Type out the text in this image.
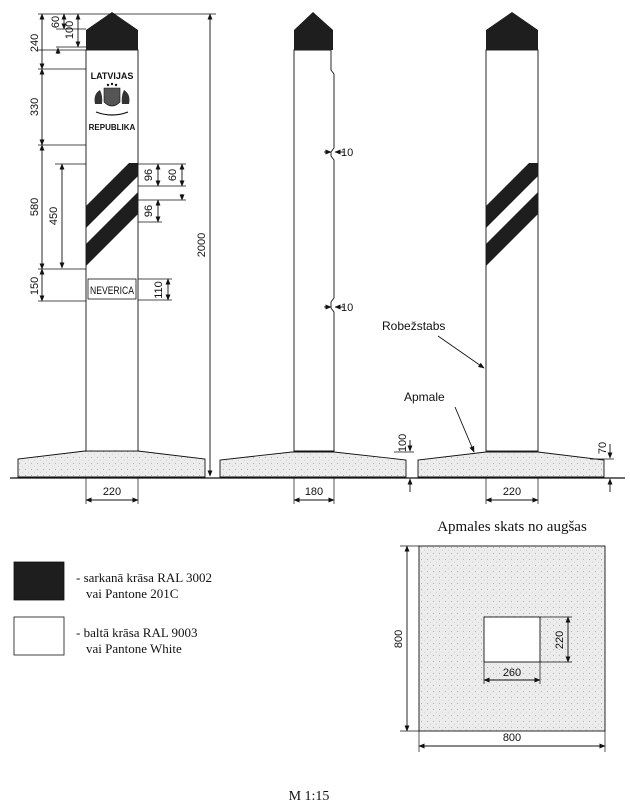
LATVIJAS
REPUBLIKA
NEVERICA
240
330
580
150
60 100
450
96 60
96
110
2000
220
10
10
180
100
Robežstabs
Apmale
70
220
- sarkanā krāsa RAL 3002
vai Pantone 201C
- baltā krāsa RAL 9003
vai Pantone White
Apmales skats no augšas
800
800
220
260
M 1:15
